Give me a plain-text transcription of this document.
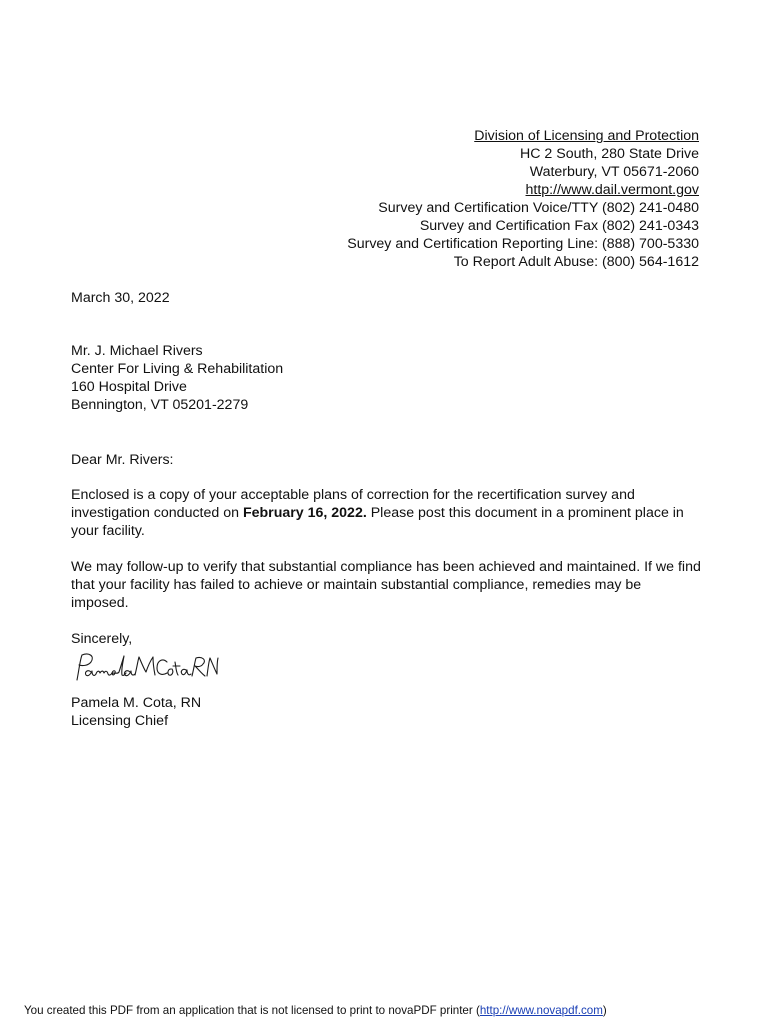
Division of Licensing and Protection
HC 2 South, 280 State Drive
Waterbury, VT 05671-2060
http://www.dail.vermont.gov
Survey and Certification Voice/TTY (802) 241-0480
Survey and Certification Fax (802) 241-0343
Survey and Certification Reporting Line: (888) 700-5330
To Report Adult Abuse: (800) 564-1612
March 30, 2022
Mr. J. Michael Rivers
Center For Living & Rehabilitation
160 Hospital Drive
Bennington, VT 05201-2279
Dear Mr. Rivers:

Enclosed is a copy of your acceptable plans of correction for the recertification survey and investigation conducted on February 16, 2022. Please post this document in a prominent place in your facility.

We may follow-up to verify that substantial compliance has been achieved and maintained. If we find that your facility has failed to achieve or maintain substantial compliance, remedies may be imposed.

Sincerely,
Pamela M. Cota, RN
Licensing Chief
You created this PDF from an application that is not licensed to print to novaPDF printer (http://www.novapdf.com)
